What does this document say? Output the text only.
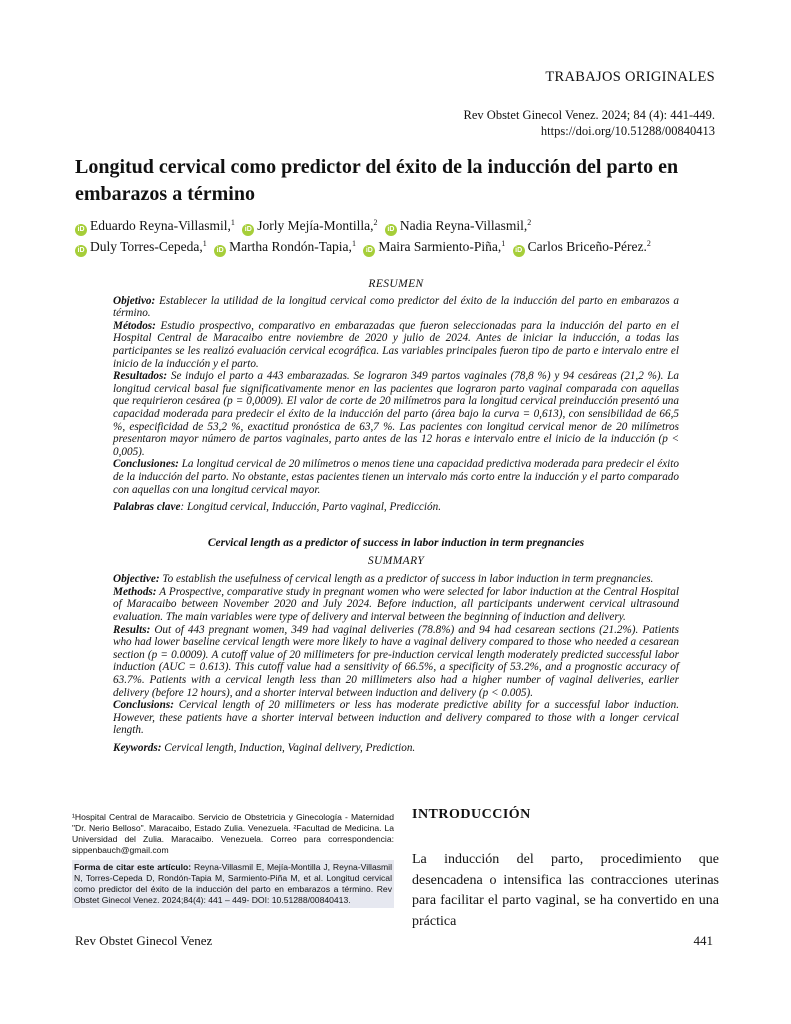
TRABAJOS ORIGINALES
Rev Obstet Ginecol Venez. 2024; 84 (4): 441-449.
https://doi.org/10.51288/00840413
Longitud cervical como predictor del éxito de la inducción del parto en embarazos a término
iD Eduardo Reyna-Villasmil,$^1$ iD Jorly Mejía-Montilla,$^2$ iD Nadia Reyna-Villasmil,$^2$
iD Duly Torres-Cepeda,$^1$ iD Martha Rondón-Tapia,$^1$ iD Maira Sarmiento-Piña,$^1$ iD Carlos Briceño-Pérez.$^2$
RESUMEN

Objetivo: Establecer la utilidad de la longitud cervical como predictor del éxito de la inducción del parto en embarazos a término.

Métodos: Estudio prospectivo, comparativo en embarazadas que fueron seleccionadas para la inducción del parto en el Hospital Central de Maracaibo entre noviembre de 2020 y julio de 2024. Antes de iniciar la inducción, a todas las participantes se les realizó evaluación cervical ecográfica. Las variables principales fueron tipo de parto e intervalo entre el inicio de la inducción y el parto.

Resultados: Se indujo el parto a 443 embarazadas. Se lograron 349 partos vaginales (78,8 %) y 94 cesáreas (21,2 %). La longitud cervical basal fue significativamente menor en las pacientes que lograron parto vaginal comparada con aquellas que requirieron cesárea (p = 0,0009). El valor de corte de 20 milímetros para la longitud cervical preinducción presentó una capacidad moderada para predecir el éxito de la inducción del parto (área bajo la curva = 0,613), con sensibilidad de 66,5 %, especificidad de 53,2 %, exactitud pronóstica de 63,7 %. Las pacientes con longitud cervical menor de 20 milímetros presentaron mayor número de partos vaginales, parto antes de las 12 horas e intervalo entre el inicio de la inducción (p < 0,005).

Conclusiones: La longitud cervical de 20 milímetros o menos tiene una capacidad predictiva moderada para predecir el éxito de la inducción del parto. No obstante, estas pacientes tienen un intervalo más corto entre la inducción y el parto comparado con aquellas con una longitud cervical mayor.

Palabras clave: Longitud cervical, Inducción, Parto vaginal, Predicción.

Cervical length as a predictor of success in labor induction in term pregnancies
SUMMARY

Objective: To establish the usefulness of cervical length as a predictor of success in labor induction in term pregnancies.

Methods: A Prospective, comparative study in pregnant women who were selected for labor induction at the Central Hospital of Maracaibo between November 2020 and July 2024. Before induction, all participants underwent cervical ultrasound evaluation. The main variables were type of delivery and interval between the beginning of induction and delivery.

Results: Out of 443 pregnant women, 349 had vaginal deliveries (78.8%) and 94 had cesarean sections (21.2%). Patients who had lower baseline cervical length were more likely to have a vaginal delivery compared to those who needed a cesarean section (p = 0.0009). A cutoff value of 20 millimeters for pre-induction cervical length moderately predicted successful labor induction (AUC = 0.613). This cutoff value had a sensitivity of 66.5%, a specificity of 53.2%, and a prognostic accuracy of 63.7%. Patients with a cervical length less than 20 millimeters also had a higher number of vaginal deliveries, earlier delivery (before 12 hours), and a shorter interval between induction and delivery (p < 0.005).

Conclusions: Cervical length of 20 millimeters or less has moderate predictive ability for a successful labor induction. However, these patients have a shorter interval between induction and delivery compared to those with a longer cervical length.

Keywords: Cervical length, Induction, Vaginal delivery, Prediction.

¹Hospital Central de Maracaibo. Servicio de Obstetricia y Ginecología - Maternidad "Dr. Nerio Belloso". Maracaibo, Estado Zulia. Venezuela. ²Facultad de Medicina. La Universidad del Zulia. Maracaibo. Venezuela. Correo para correspondencia: sippenbauch@gmail.com

Forma de citar este artículo: Reyna-Villasmil E, Mejía-Montilla J, Reyna-Villasmil N, Torres-Cepeda D, Rondón-Tapia M, Sarmiento-Piña M, et al. Longitud cervical como predictor del éxito de la inducción del parto en embarazos a término. Rev Obstet Ginecol Venez. 2024;84(4): 441 – 449- DOI: 10.51288/00840413.
INTRODUCCIÓN
La inducción del parto, procedimiento que desencadena o intensifica las contracciones uterinas para facilitar el parto vaginal, se ha convertido en una práctica
Rev Obstet Ginecol Venez	441
